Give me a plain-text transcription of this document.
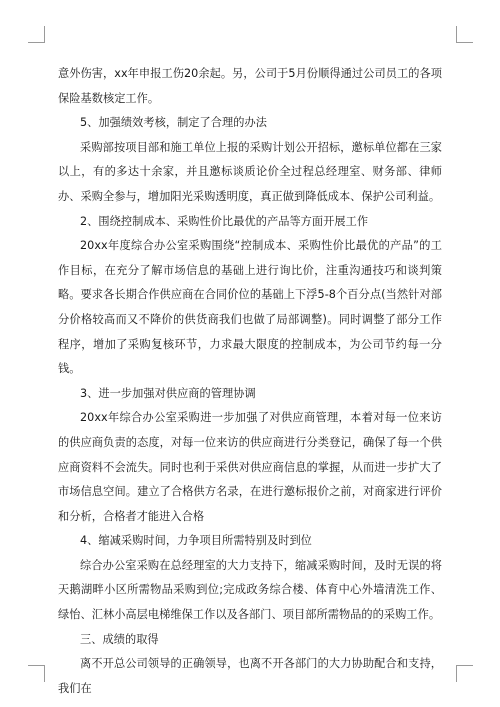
意外伤害，xx年申报工伤20余起。另，公司于5月份顺得通过公司员工的各项保险基数核定工作。

5、加强绩效考核，制定了合理的办法

采购部按项目部和施工单位上报的采购计划公开招标，邀标单位都在三家以上，有的多达十余家，并且邀标谈质论价全过程总经理室、财务部、律师办、采购全参与，增加阳光采购透明度，真正做到降低成本、保护公司利益。

2、围绕控制成本、采购性价比最优的产品等方面开展工作

20xx年度综合办公室采购围绕“控制成本、采购性价比最优的产品”的工作目标，在充分了解市场信息的基础上进行询比价，注重沟通技巧和谈判策略。要求各长期合作供应商在合同价位的基础上下浮5-8个百分点(当然针对部分价格较高而又不降价的供货商我们也做了局部调整)。同时调整了部分工作程序，增加了采购复核环节，力求最大限度的控制成本，为公司节约每一分钱。

3、进一步加强对供应商的管理协调

20xx年综合办公室采购进一步加强了对供应商管理，本着对每一位来访的供应商负责的态度，对每一位来访的供应商进行分类登记，确保了每一个供应商资料不会流失。同时也利于采供对供应商信息的掌握，从而进一步扩大了市场信息空间。建立了合格供方名录，在进行邀标报价之前，对商家进行评价和分析，合格者才能进入合格

4、缩减采购时间，力争项目所需特别及时到位

综合办公室采购在总经理室的大力支持下，缩减采购时间，及时无误的将天鹅湖畔小区所需物品采购到位;完成政务综合楼、体育中心外墙清洗工作、绿怡、汇林小高层电梯维保工作以及各部门、项目部所需物品的的采购工作。

三、成绩的取得

离不开总公司领导的正确领导，也离不开各部门的大力协助配合和支持，我们在
